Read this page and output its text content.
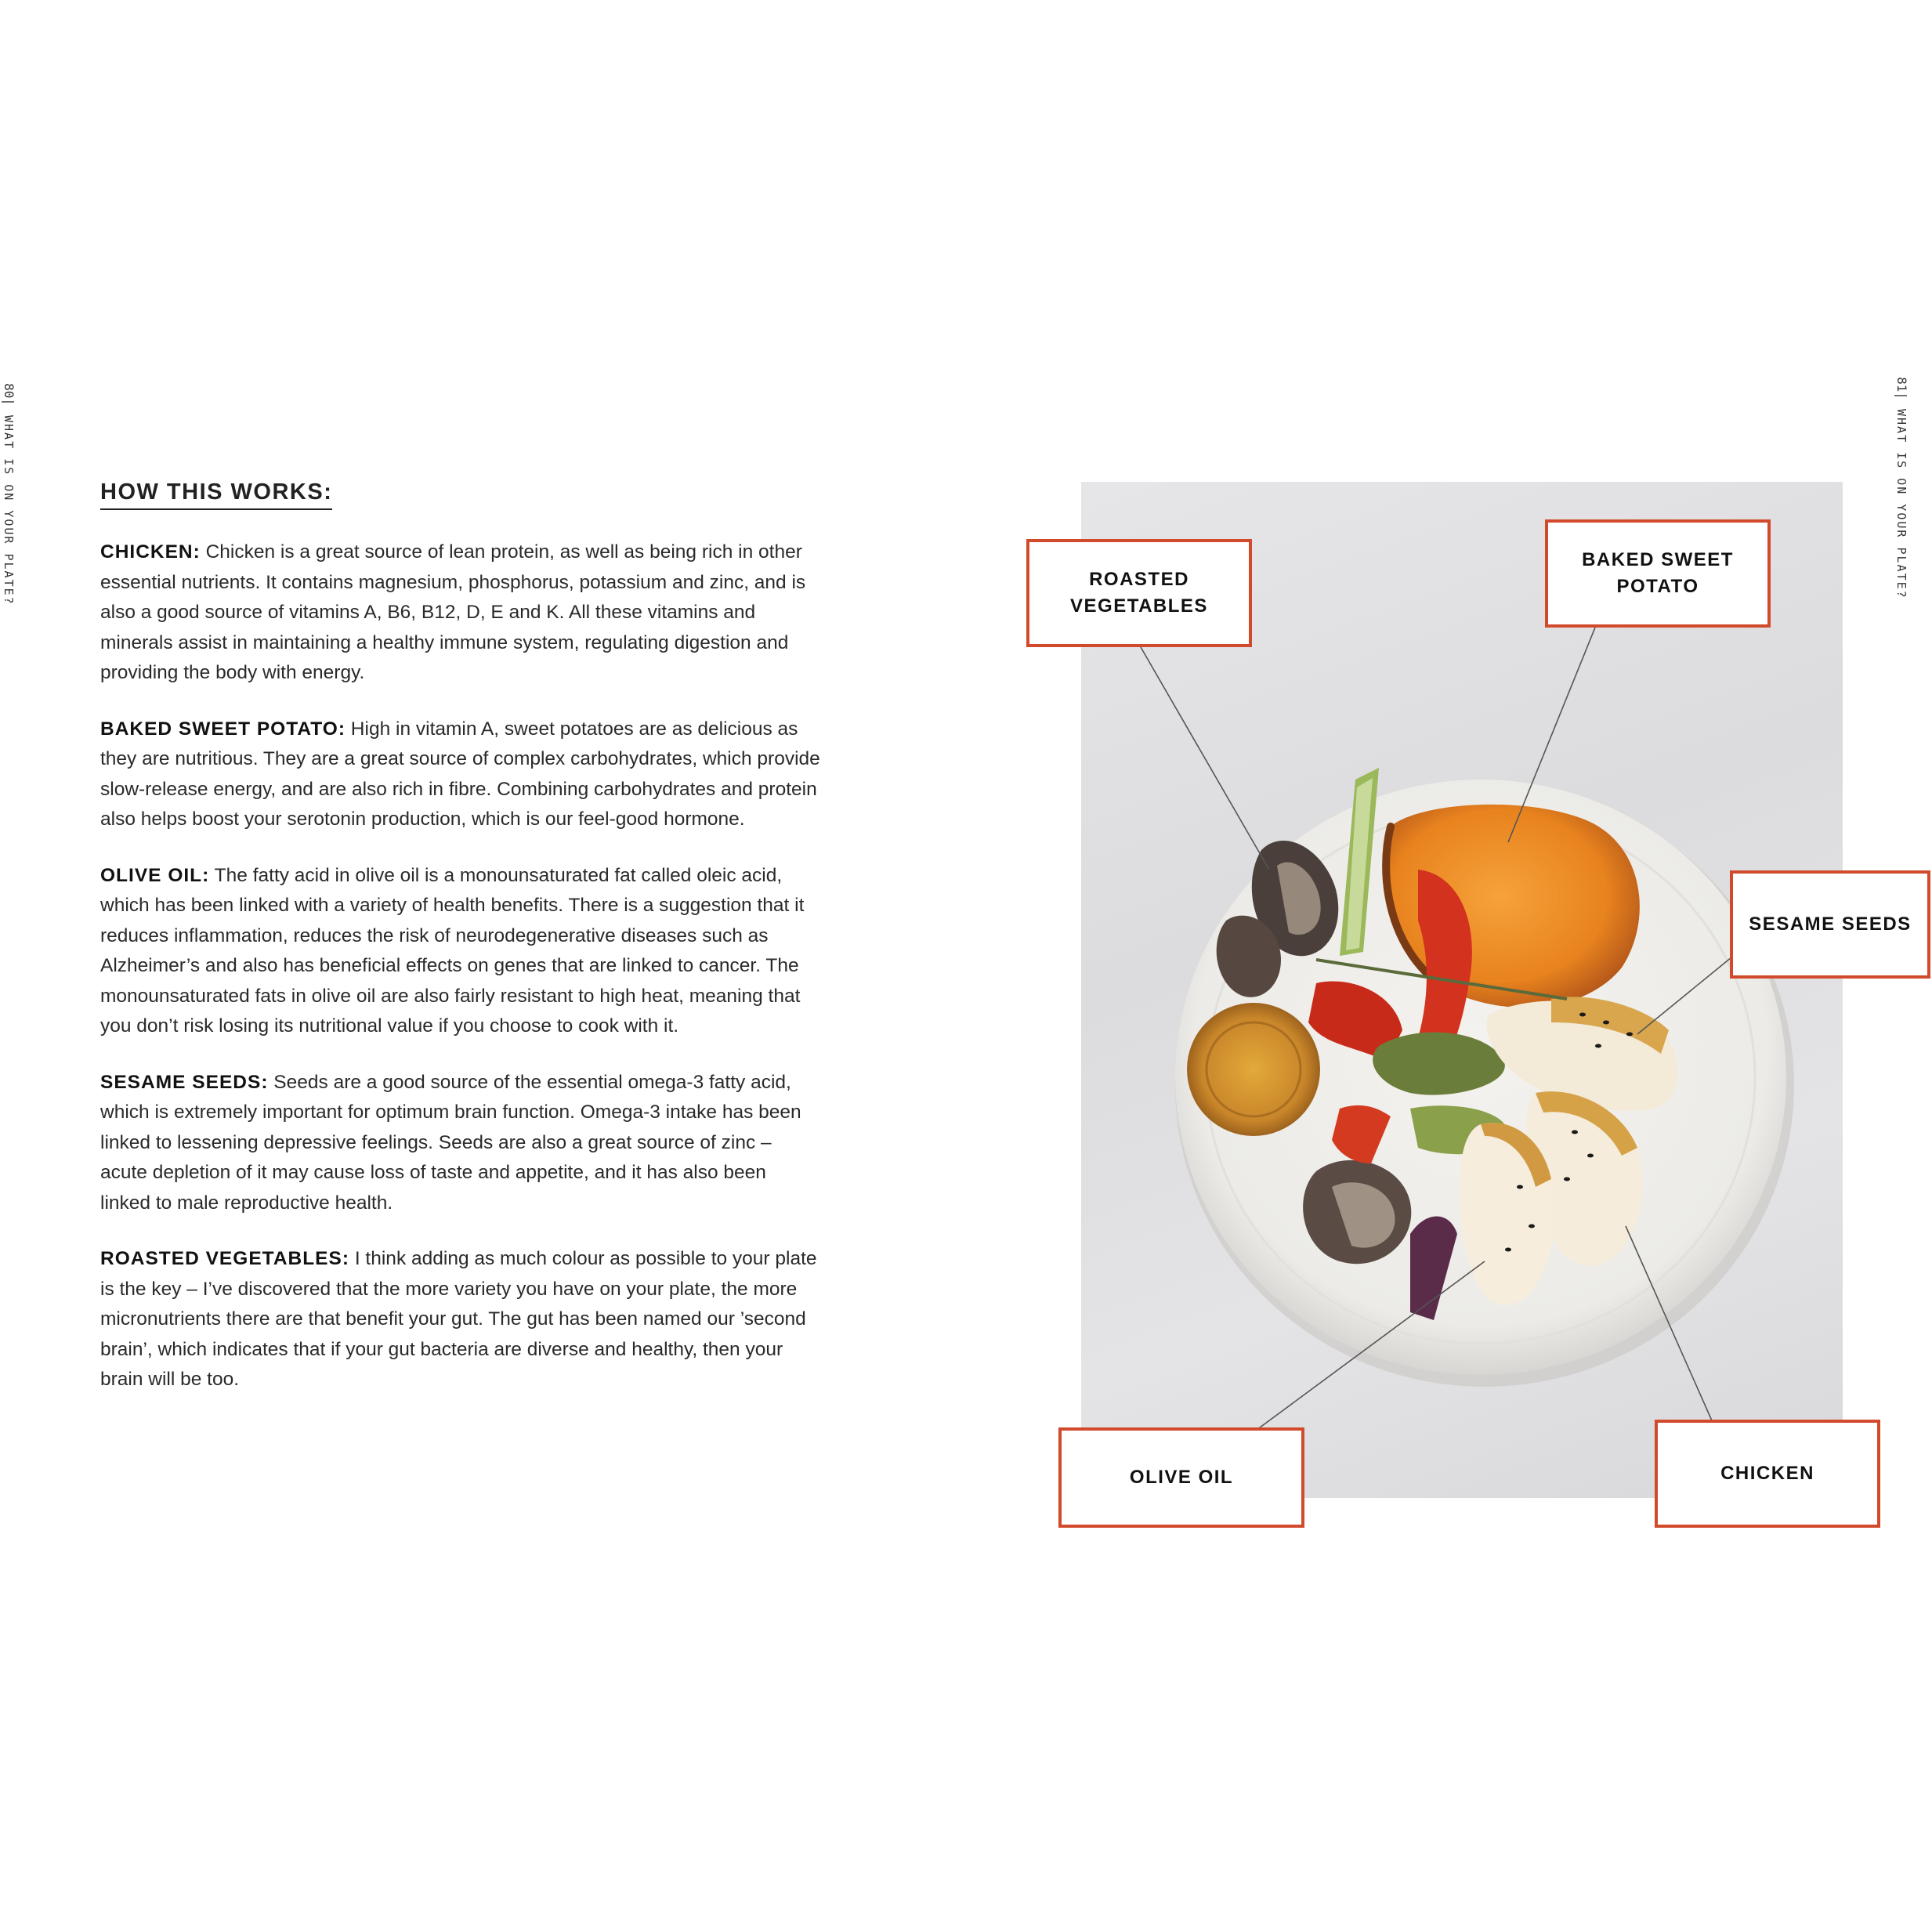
80|
WHAT IS ON YOUR PLATE?
81|
WHAT IS ON YOUR PLATE?
HOW THIS WORKS:

CHICKEN: Chicken is a great source of lean protein, as well as being rich in other essential nutrients. It contains magnesium, phosphorus, potassium and zinc, and is also a good source of vitamins A, B6, B12, D, E and K. All these vitamins and minerals assist in maintaining a healthy immune system, regulating digestion and providing the body with energy.

BAKED SWEET POTATO: High in vitamin A, sweet potatoes are as delicious as they are nutritious. They are a great source of complex carbohydrates, which provide slow-release energy, and are also rich in fibre. Combining carbohydrates and protein also helps boost your serotonin production, which is our feel-good hormone.

OLIVE OIL: The fatty acid in olive oil is a monounsaturated fat called oleic acid, which has been linked with a variety of health benefits. There is a suggestion that it reduces inflammation, reduces the risk of neurodegenerative diseases such as Alzheimer’s and also has beneficial effects on genes that are linked to cancer. The monounsaturated fats in olive oil are also fairly resistant to high heat, meaning that you don’t risk losing its nutritional value if you choose to cook with it.

SESAME SEEDS: Seeds are a good source of the essential omega-3 fatty acid, which is extremely important for optimum brain function. Omega-3 intake has been linked to lessening depressive feelings. Seeds are also a great source of zinc – acute depletion of it may cause loss of taste and appetite, and it has also been linked to male reproductive health.

ROASTED VEGETABLES: I think adding as much colour as possible to your plate is the key – I’ve discovered that the more variety you have on your plate, the more micronutrients there are that benefit your gut. The gut has been named our ’second brain’, which indicates that if your gut bacteria are diverse and healthy, then your brain will be too.

ROASTED VEGETABLES
BAKED SWEET POTATO
SESAME SEEDS
OLIVE OIL	CHICKEN
